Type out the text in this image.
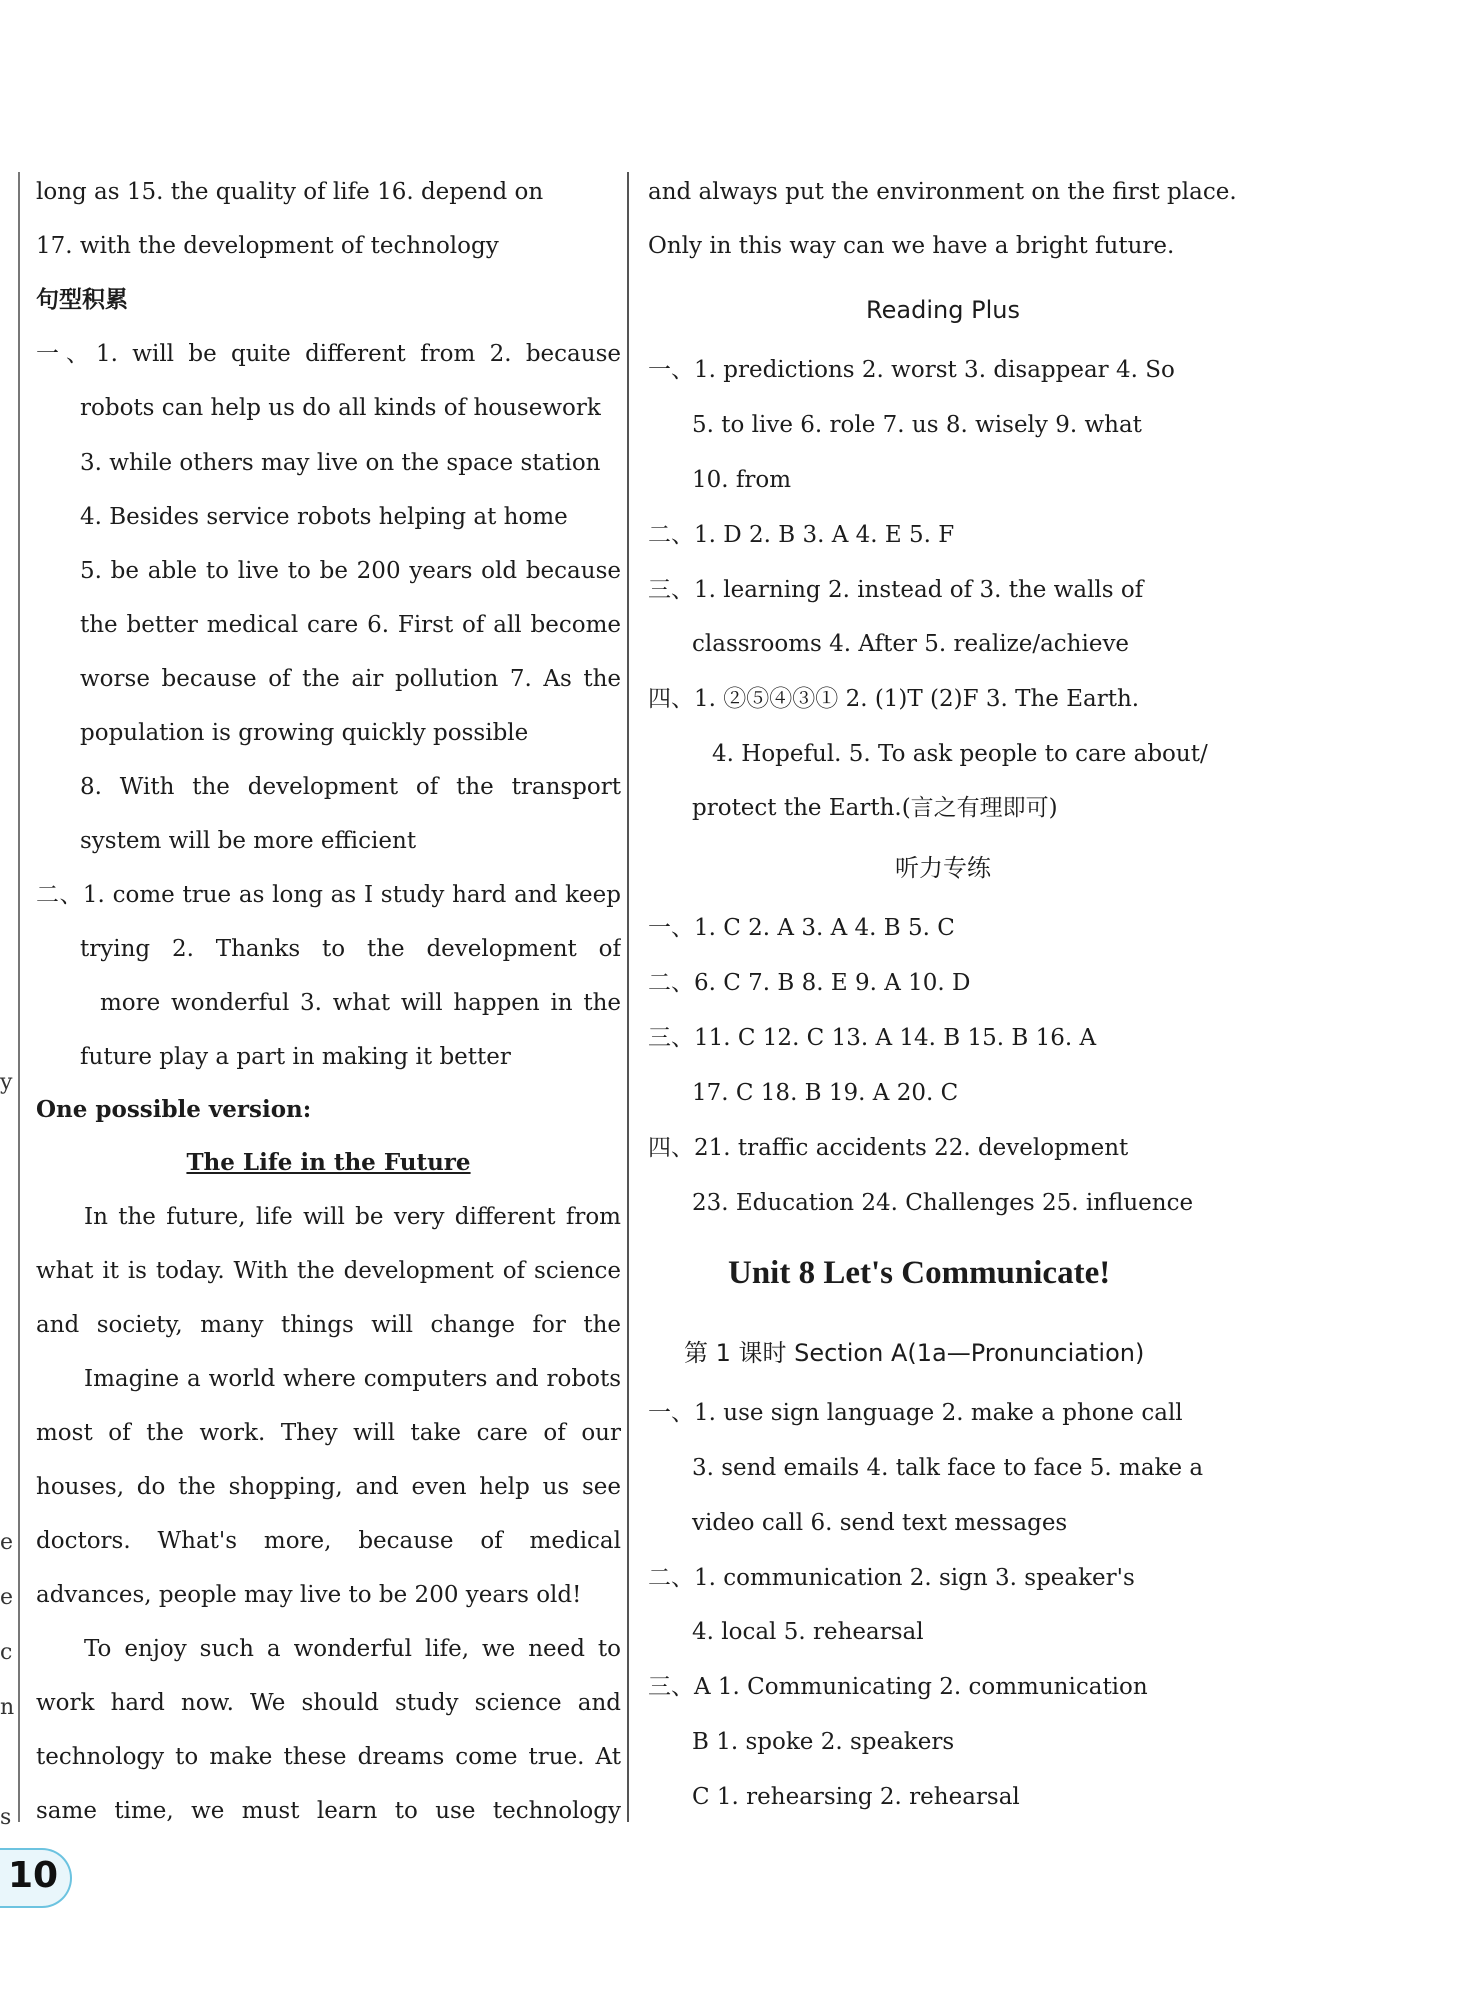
long as 15. the quality of life 16. depend on
17. with the development of technology
句型积累
一、1. will be quite different from 2. because
robots can help us do all kinds of housework
3. while others may live on the space station
4. Besides service robots helping at home
5. be able to live to be 200 years old because
the better medical care 6. First of all become
worse because of the air pollution 7. As the
population is growing quickly possible
8. With the development of the transport
system will be more efficient
二、1. come true as long as I study hard and keep
trying 2. Thanks to the development of
more wonderful 3. what will happen in the
future play a part in making it better
One possible version:
The Life in the Future
In the future, life will be very different from
what it is today. With the development of science
and society, many things will change for the
Imagine a world where computers and robots
most of the work. They will take care of our
houses, do the shopping, and even help us see
doctors. What's more, because of medical
advances, people may live to be 200 years old!
To enjoy such a wonderful life, we need to
work hard now. We should study science and
technology to make these dreams come true. At
same time, we must learn to use technology
and always put the environment on the first place.
Only in this way can we have a bright future.
Reading Plus
一、1. predictions 2. worst 3. disappear 4. So
5. to live 6. role 7. us 8. wisely 9. what
10. from
二、1. D 2. B 3. A 4. E 5. F
三、1. learning 2. instead of 3. the walls of
classrooms 4. After 5. realize/achieve
四、1. ②⑤④③① 2. (1)T (2)F 3. The Earth.
4. Hopeful. 5. To ask people to care about/
protect the Earth.(言之有理即可)
听力专练
一、1. C 2. A 3. A 4. B 5. C
二、6. C 7. B 8. E 9. A 10. D
三、11. C 12. C 13. A 14. B 15. B 16. A
17. C 18. B 19. A 20. C
四、21. traffic accidents 22. development
23. Education 24. Challenges 25. influence
Unit 8 Let's Communicate!
第 1 课时 Section A(1a—Pronunciation)
一、1. use sign language 2. make a phone call
3. send emails 4. talk face to face 5. make a
video call 6. send text messages
二、1. communication 2. sign 3. speaker's
4. local 5. rehearsal
三、A 1. Communicating 2. communication
B 1. spoke 2. speakers
C 1. rehearsing 2. rehearsal
y
e
e
c
n
s
10
